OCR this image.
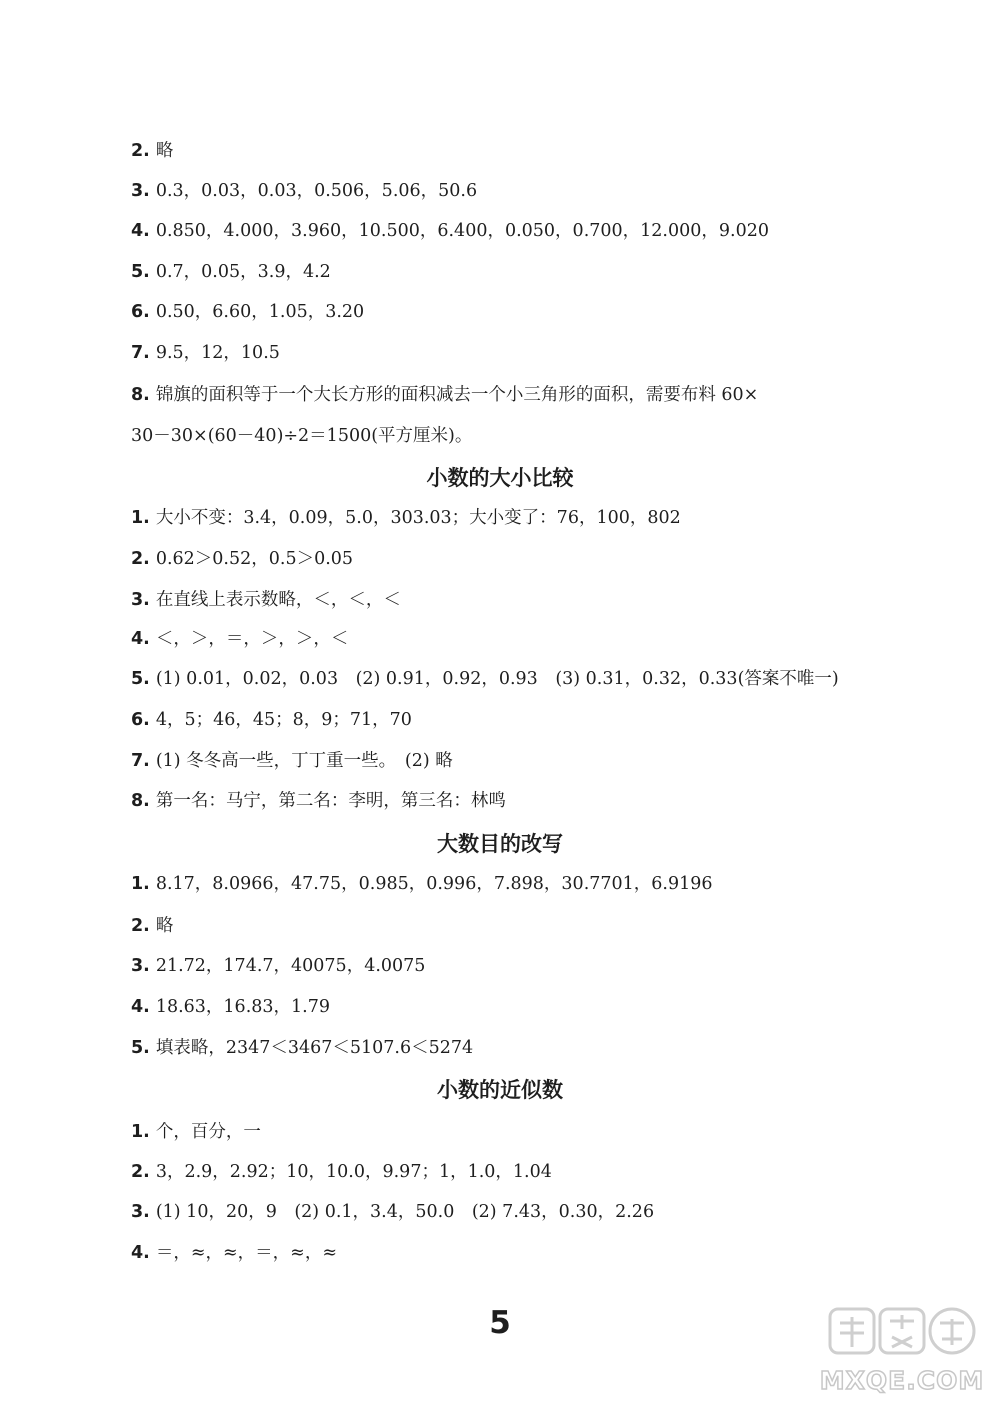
2. 略
3. 0.3，0.03，0.03，0.506，5.06，50.6
4. 0.850，4.000，3.960，10.500，6.400，0.050，0.700，12.000，9.020
5. 0.7，0.05，3.9，4.2
6. 0.50，6.60，1.05，3.20
7. 9.5，12，10.5
8. 锦旗的面积等于一个大长方形的面积减去一个小三角形的面积，需要布料 60×
30－30×(60－40)÷2＝1500(平方厘米)。
小数的大小比较
1. 大小不变：3.4，0.09，5.0，303.03；大小变了：76，100，802
2. 0.62＞0.52，0.5＞0.05
3. 在直线上表示数略，＜，＜，＜
4. ＜，＞，＝，＞，＞，＜
5. (1) 0.01，0.02，0.03　(2) 0.91，0.92，0.93　(3) 0.31，0.32，0.33(答案不唯一)
6. 4，5；46，45；8，9；71，70
7. (1) 冬冬高一些，丁丁重一些。　(2) 略
8. 第一名：马宁，第二名：李明，第三名：林鸣
大数目的改写
1. 8.17，8.0966，47.75，0.985，0.996，7.898，30.7701，6.9196
2. 略
3. 21.72，174.7，40075，4.0075
4. 18.63，16.83，1.79
5. 填表略，2347＜3467＜5107.6＜5274
小数的近似数
1. 个，百分，一
2. 3，2.9，2.92；10，10.0，9.97；1，1.0，1.04
3. (1) 10，20，9　(2) 0.1，3.4，50.0　(2) 7.43，0.30，2.26
4. ＝，≈，≈，＝，≈，≈
5
MXQE.COM
